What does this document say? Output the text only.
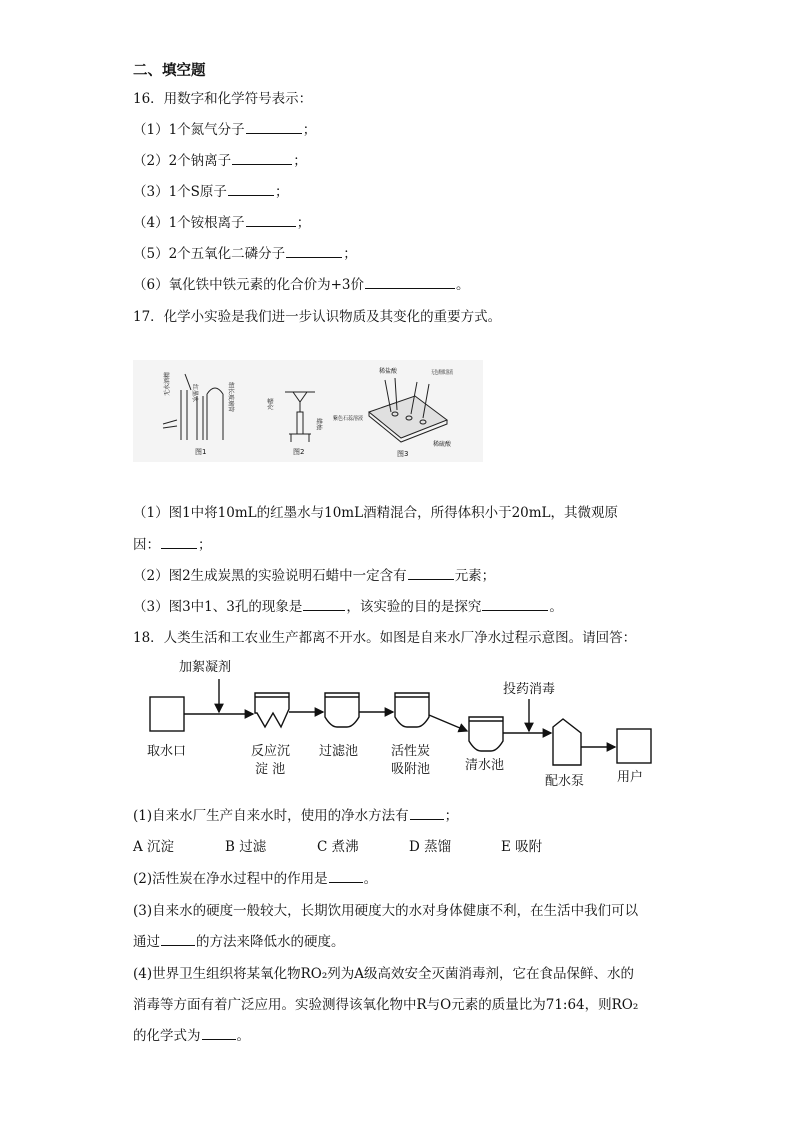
二、填空题
16．用数字和化学符号表示：
（1）1个氮气分子	；
（2）2个钠离子	；
（3）1个S原子	；
（4）1个铵根离子	；
（5）2个五氧化二磷分子	；
（6）氧化铁中铁元素的化合价为+3价	。
17．化学小实验是我们进一步认识物质及其变化的重要方式。
无水酒精	红墨水	细长玻璃管
图1
冷碟
蜡烛
图2
稀盐酸	无色酚酞溶液
紫色石蕊溶液
稀硫酸
图3
（1）图1中将10mL的红墨水与10mL酒精混合，所得体积小于20mL，其微观原
因：	；
（2）图2生成炭黑的实验说明石蜡中一定含有	元素；
（3）图3中1、3孔的现象是	，该实验的目的是探究	。
18．人类生活和工农业生产都离不开水。如图是自来水厂净水过程示意图。请回答：
加絮凝剂
投药消毒
取水口	反应沉
淀 池
过滤池	活性炭
吸附池	清水池
配水泵	用户
(1)自来水厂生产自来水时，使用的净水方法有	；
A 沉淀	B 过滤	C 煮沸	D 蒸馏	E 吸附
(2)活性炭在净水过程中的作用是	。
(3)自来水的硬度一般较大，长期饮用硬度大的水对身体健康不利，在生活中我们可以
通过	的方法来降低水的硬度。
(4)世界卫生组织将某氧化物RO₂列为A级高效安全灭菌消毒剂，它在食品保鲜、水的
消毒等方面有着广泛应用。实验测得该氧化物中R与O元素的质量比为71:64，则RO₂
的化学式为	。
